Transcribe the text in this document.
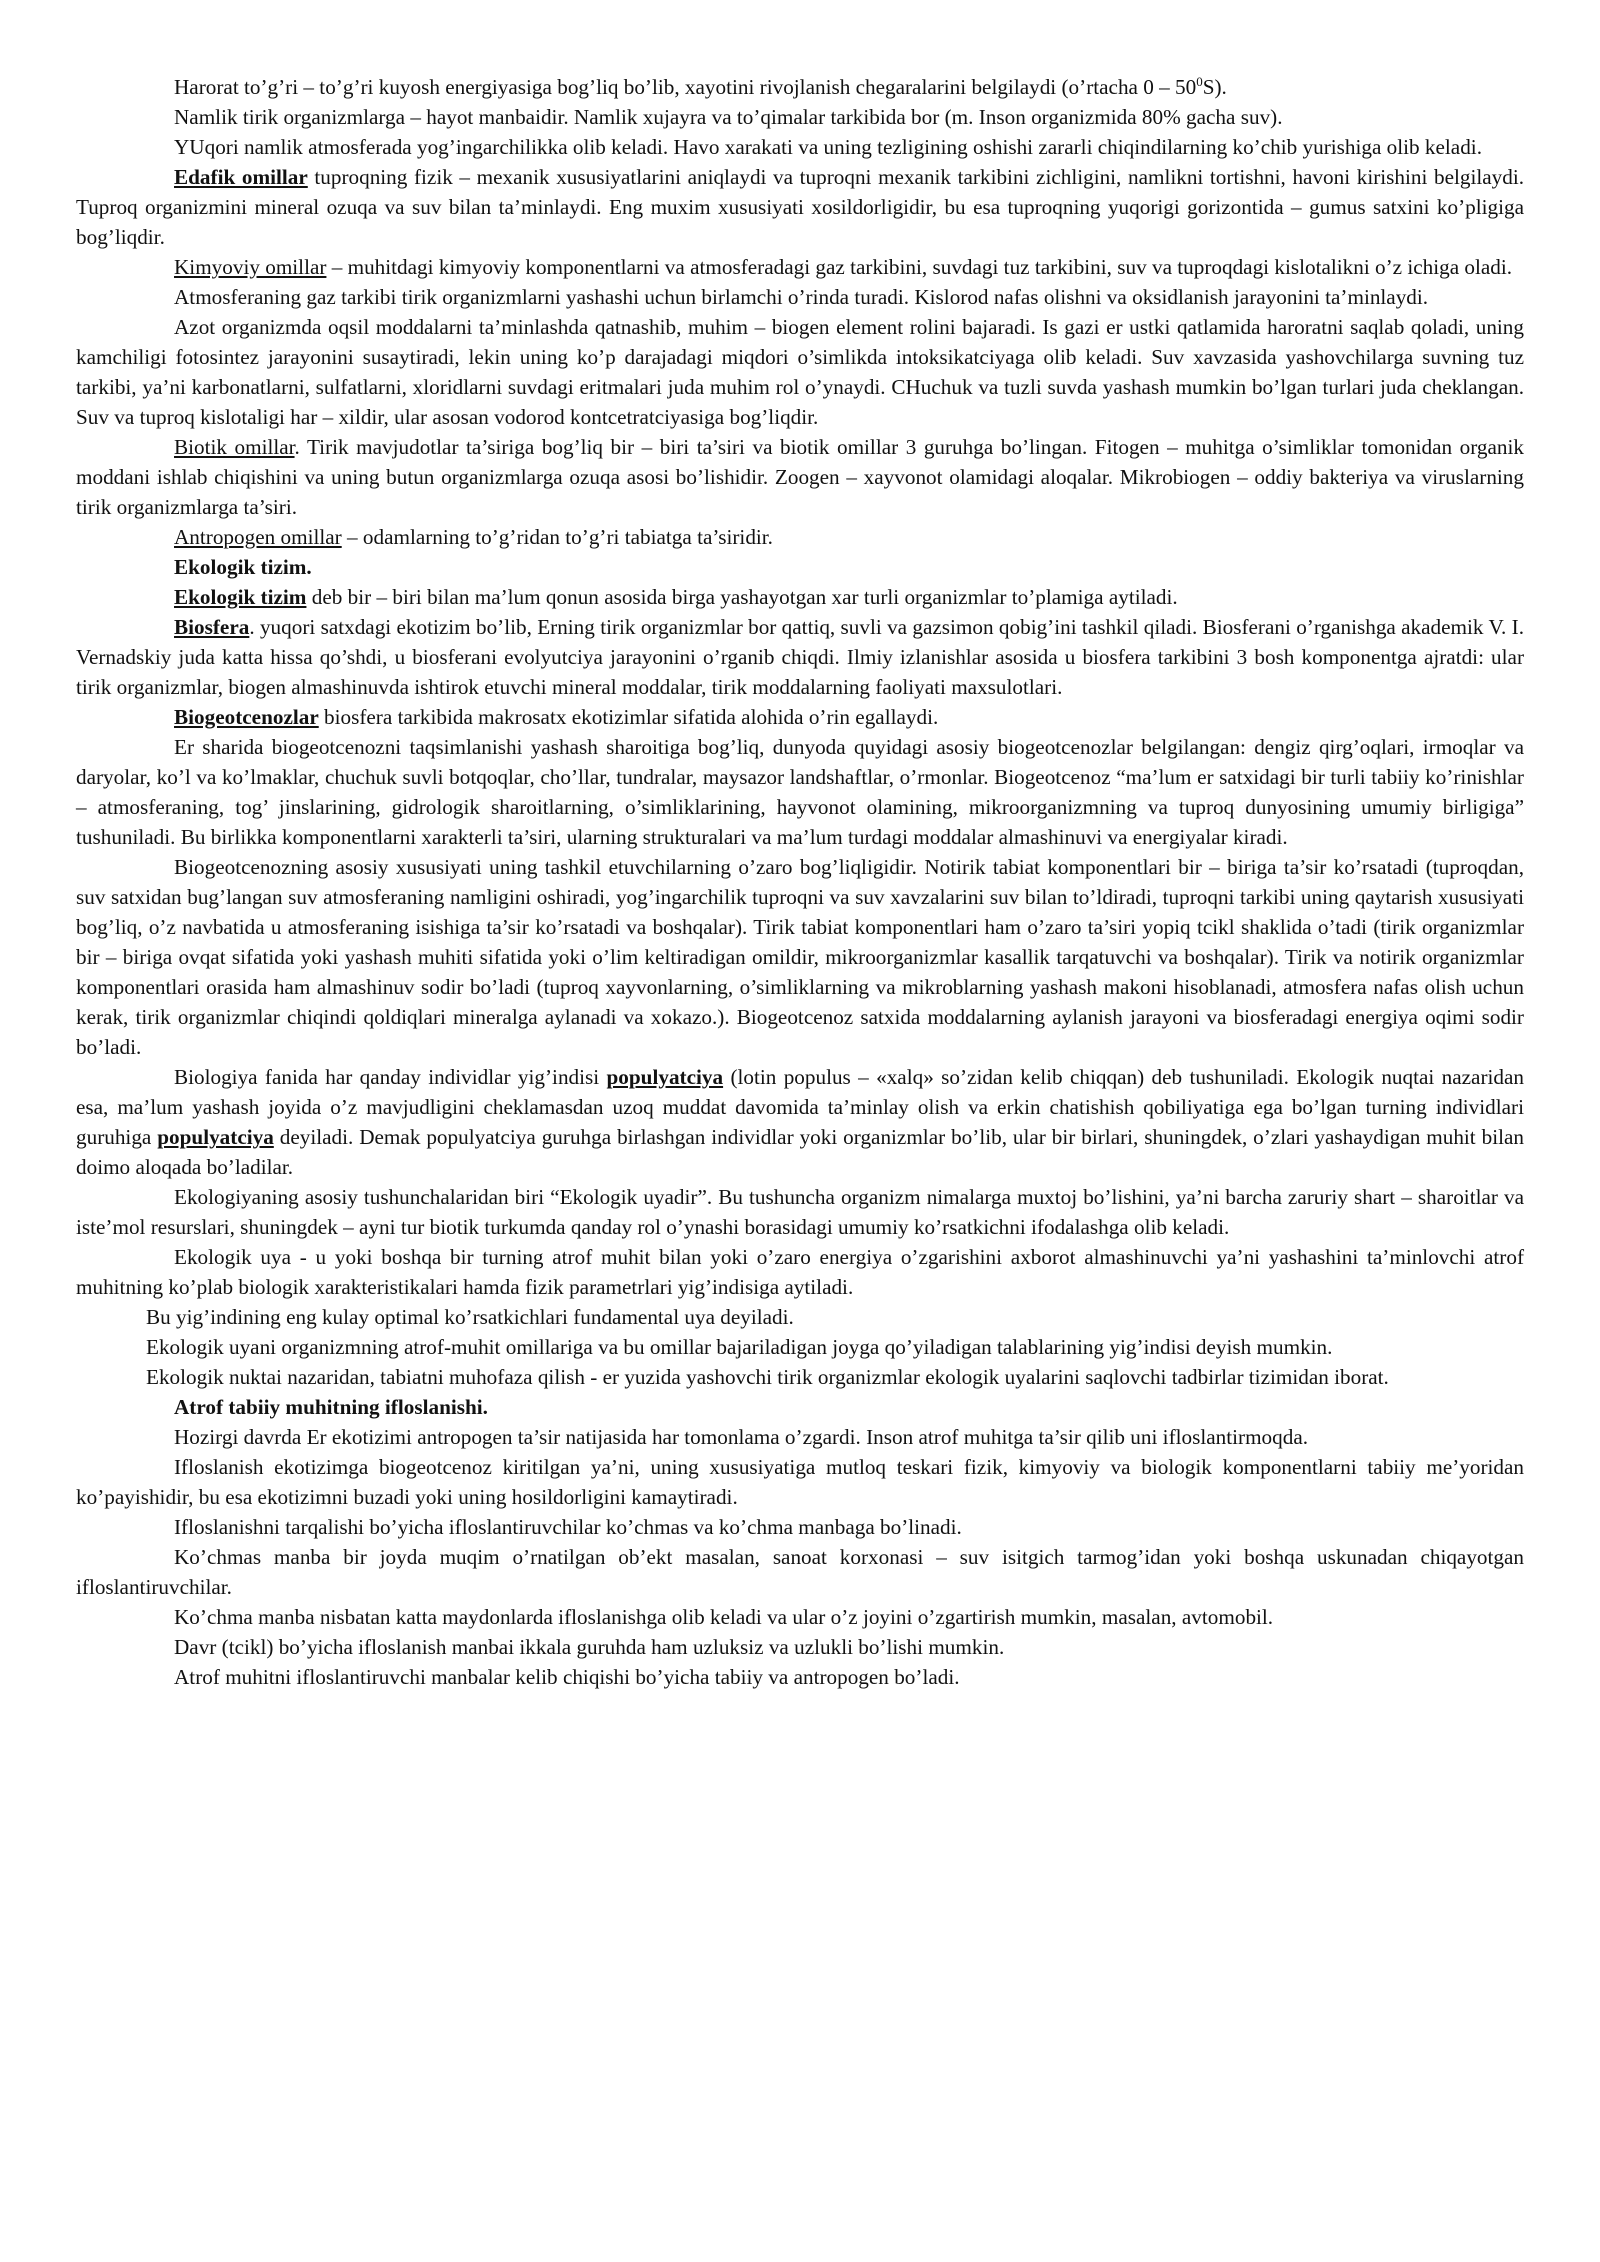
Harorat to’g’ri – to’g’ri kuyosh energiyasiga bog’liq bo’lib, xayotini rivojlanish chegaralarini belgilaydi (o’rtacha $0 - 50^0S$).

Namlik tirik organizmlarga – hayot manbaidir. Namlik xujayra va to’qimalar tarkibida bor (m. Inson organizmida 80% gacha suv).

YUqori namlik atmosferada yog’ingarchilikka olib keladi. Havo xarakati va uning tezligining oshishi zararli chiqindilarning ko’chib yurishiga olib keladi.

Edafik omillar tuproqning fizik – mexanik xususiyatlarini aniqlaydi va tuproqni mexanik tarkibini zichligini, namlikni tortishni, havoni kirishini belgilaydi. Tuproq organizmini mineral ozuqa va suv bilan ta’minlaydi. Eng muxim xususiyati xosildorligidir, bu esa tuproqning yuqorigi gorizontida – gumus satxini ko’pligiga bog’liqdir.

Kimyoviy omillar – muhitdagi kimyoviy komponentlarni va atmosferadagi gaz tarkibini, suvdagi tuz tarkibini, suv va tuproqdagi kislotalikni o’z ichiga oladi.

Atmosferaning gaz tarkibi tirik organizmlarni yashashi uchun birlamchi o’rinda turadi. Kislorod nafas olishni va oksidlanish jarayonini ta’minlaydi.

Azot organizmda oqsil moddalarni ta’minlashda qatnashib, muhim – biogen element rolini bajaradi. Is gazi er ustki qatlamida haroratni saqlab qoladi, uning kamchiligi fotosintez jarayonini susaytiradi, lekin uning ko’p darajadagi miqdori o’simlikda intoksikatciyaga olib keladi. Suv xavzasida yashovchilarga suvning tuz tarkibi, ya’ni karbonatlarni, sulfatlarni, xloridlarni suvdagi eritmalari juda muhim rol o’ynaydi. CHuchuk va tuzli suvda yashash mumkin bo’lgan turlari juda cheklangan. Suv va tuproq kislotaligi har – xildir, ular asosan vodorod kontcetratciyasiga bog’liqdir.

Biotik omillar. Tirik mavjudotlar ta’siriga bog’liq bir – biri ta’siri va biotik omillar 3 guruhga bo’lingan. Fitogen – muhitga o’simliklar tomonidan organik moddani ishlab chiqishini va uning butun organizmlarga ozuqa asosi bo’lishidir. Zoogen – xayvonot olamidagi aloqalar. Mikrobiogen – oddiy bakteriya va viruslarning tirik organizmlarga ta’siri.

Antropogen omillar – odamlarning to’g’ridan to’g’ri tabiatga ta’siridir.

Ekologik tizim.

Ekologik tizim deb bir – biri bilan ma’lum qonun asosida birga yashayotgan xar turli organizmlar to’plamiga aytiladi.

Biosfera. yuqori satxdagi ekotizim bo’lib, Erning tirik organizmlar bor qattiq, suvli va gazsimon qobig’ini tashkil qiladi. Biosferani o’rganishga akademik V. I. Vernadskiy juda katta hissa qo’shdi, u biosferani evolyutciya jarayonini o’rganib chiqdi. Ilmiy izlanishlar asosida u biosfera tarkibini 3 bosh komponentga ajratdi: ular tirik organizmlar, biogen almashinuvda ishtirok etuvchi mineral moddalar, tirik moddalarning faoliyati maxsulotlari.

Biogeotcenozlar biosfera tarkibida makrosatx ekotizimlar sifatida alohida o’rin egallaydi.

Er sharida biogeotcenozni taqsimlanishi yashash sharoitiga bog’liq, dunyoda quyidagi asosiy biogeotcenozlar belgilangan: dengiz qirg’oqlari, irmoqlar va daryolar, ko’l va ko’lmaklar, chuchuk suvli botqoqlar, cho’llar, tundralar, maysazor landshaftlar, o’rmonlar. Biogeotcenoz “ma’lum er satxidagi bir turli tabiiy ko’rinishlar – atmosferaning, tog’ jinslarining, gidrologik sharoitlarning, o’simliklarining, hayvonot olamining, mikroorganizmning va tuproq dunyosining umumiy birligiga” tushuniladi. Bu birlikka komponentlarni xarakterli ta’siri, ularning strukturalari va ma’lum turdagi moddalar almashinuvi va energiyalar kiradi.

Biogeotcenozning asosiy xususiyati uning tashkil etuvchilarning o’zaro bog’liqligidir. Notirik tabiat komponentlari bir – biriga ta’sir ko’rsatadi (tuproqdan, suv satxidan bug’langan suv atmosferaning namligini oshiradi, yog’ingarchilik tuproqni va suv xavzalarini suv bilan to’ldiradi, tuproqni tarkibi uning qaytarish xususiyati bog’liq, o’z navbatida u atmosferaning isishiga ta’sir ko’rsatadi va boshqalar). Tirik tabiat komponentlari ham o’zaro ta’siri yopiq tcikl shaklida o’tadi (tirik organizmlar bir – biriga ovqat sifatida yoki yashash muhiti sifatida yoki o’lim keltiradigan omildir, mikroorganizmlar kasallik tarqatuvchi va boshqalar). Tirik va notirik organizmlar komponentlari orasida ham almashinuv sodir bo’ladi (tuproq xayvonlarning, o’simliklarning va mikroblarning yashash makoni hisoblanadi, atmosfera nafas olish uchun kerak, tirik organizmlar chiqindi qoldiqlari mineralga aylanadi va xokazo.). Biogeotcenoz satxida moddalarning aylanish jarayoni va biosferadagi energiya oqimi sodir bo’ladi.

Biologiya fanida har qanday individlar yig’indisi populyatciya (lotin populus – «xalq» so’zidan kelib chiqqan) deb tushuniladi. Ekologik nuqtai nazaridan esa, ma’lum yashash joyida o’z mavjudligini cheklamasdan uzoq muddat davomida ta’minlay olish va erkin chatishish qobiliyatiga ega bo’lgan turning individlari guruhiga populyatciya deyiladi. Demak populyatciya guruhga birlashgan individlar yoki organizmlar bo’lib, ular bir birlari, shuningdek, o’zlari yashaydigan muhit bilan doimo aloqada bo’ladilar.

Ekologiyaning asosiy tushunchalaridan biri “Ekologik uyadir”. Bu tushuncha organizm nimalarga muxtoj bo’lishini, ya’ni barcha zaruriy shart – sharoitlar va iste’mol resurslari, shuningdek – ayni tur biotik turkumda qanday rol o’ynashi borasidagi umumiy ko’rsatkichni ifodalashga olib keladi.

Ekologik uya - u yoki boshqa bir turning atrof muhit bilan yoki o’zaro energiya o’zgarishini axborot almashinuvchi ya’ni yashashini ta’minlovchi atrof muhitning ko’plab biologik xarakteristikalari hamda fizik parametrlari yig’indisiga aytiladi.

Bu yig’indining eng kulay optimal ko’rsatkichlari fundamental uya deyiladi.

Ekologik uyani organizmning atrof-muhit omillariga va bu omillar bajariladigan joyga qo’yiladigan talablarining yig’indisi deyish mumkin.

Ekologik nuktai nazaridan, tabiatni muhofaza qilish - er yuzida yashovchi tirik organizmlar ekologik uyalarini saqlovchi tadbirlar tizimidan iborat.

Atrof tabiiy muhitning ifloslanishi.

Hozirgi davrda Er ekotizimi antropogen ta’sir natijasida har tomonlama o’zgardi. Inson atrof muhitga ta’sir qilib uni ifloslantirmoqda.

Ifloslanish ekotizimga biogeotcenoz kiritilgan ya’ni, uning xususiyatiga mutloq teskari fizik, kimyoviy va biologik komponentlarni tabiiy me’yoridan ko’payishidir, bu esa ekotizimni buzadi yoki uning hosildorligini kamaytiradi.

Ifloslanishni tarqalishi bo’yicha ifloslantiruvchilar ko’chmas va ko’chma manbaga bo’linadi.

Ko’chmas manba bir joyda muqim o’rnatilgan ob’ekt masalan, sanoat korxonasi – suv isitgich tarmog’idan yoki boshqa uskunadan chiqayotgan ifloslantiruvchilar.

Ko’chma manba nisbatan katta maydonlarda ifloslanishga olib keladi va ular o’z joyini o’zgartirish mumkin, masalan, avtomobil.

Davr (tcikl) bo’yicha ifloslanish manbai ikkala guruhda ham uzluksiz va uzlukli bo’lishi mumkin.

Atrof muhitni ifloslantiruvchi manbalar kelib chiqishi bo’yicha tabiiy va antropogen bo’ladi.
